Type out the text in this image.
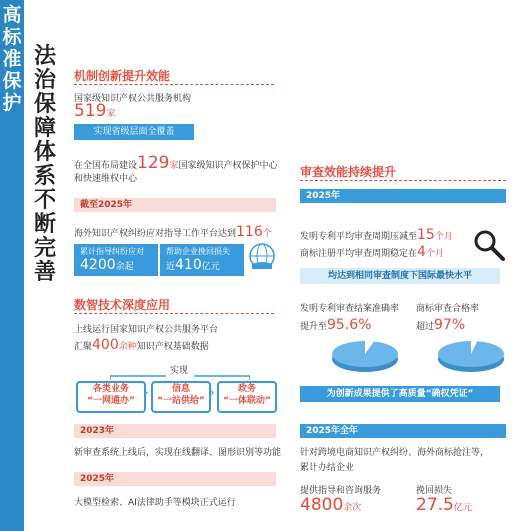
高标准保护
法治保障体系不断完善
机制创新提升效能
国家级知识产权公共服务机构
519家
实现省级层面全覆盖
在全国布局建设129家国家级知识产权保护中心
和快速维权中心
截至2025年
海外知识产权纠纷应对指导工作平台达到116个
累计指导纠纷应对
4200余起
帮助企业挽回损失
近410亿元
数智技术深度应用
上线运行国家知识产权公共服务平台
汇聚400余种知识产权基础数据
实现
各类业务
“一网通办” ›	信息
“一站供给” ›	政务
“一体联动”
2023年
新审查系统上线后，实现在线翻译、图形识别等功能
2025年
大模型检索、AI法律助手等模块正式运行
审查效能持续提升
2025年
发明专利平均审查周期压减至15个月
商标注册平均审查周期稳定在4个月
均达到相同审查制度下国际最快水平
发明专利审查结案准确率
提升至95.6%
商标审查合格率
超过97%
为创新成果提供了高质量“确权凭证”
2025年全年
针对跨境电商知识产权纠纷、海外商标抢注等，
累计办结企业
提供指导和咨询服务
4800余次
挽回损失
27.5亿元
